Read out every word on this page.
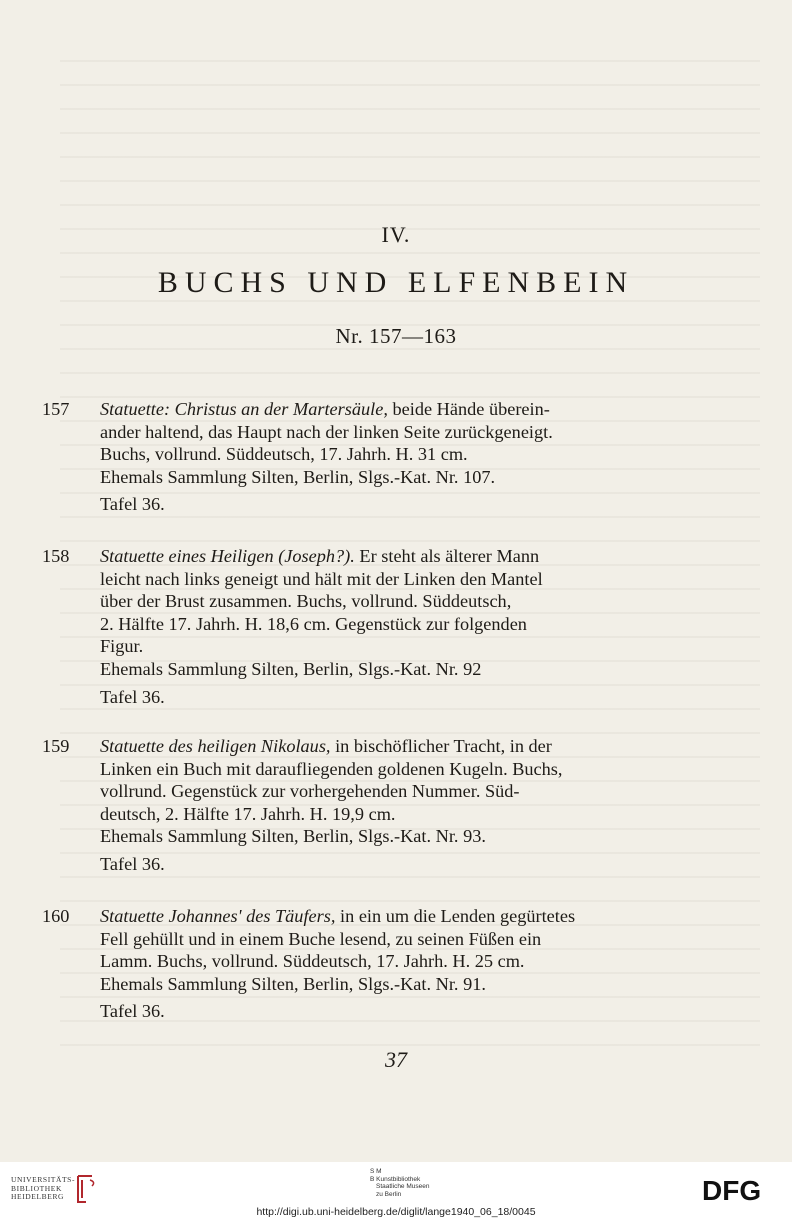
IV.
BUCHS UND ELFENBEIN
Nr. 157—163
157	Statuette: Christus an der Martersäule, beide Hände überein-
ander haltend, das Haupt nach der linken Seite zurückgeneigt.
Buchs, vollrund. Süddeutsch, 17. Jahrh. H. 31 cm.
Ehemals Sammlung Silten, Berlin, Slgs.-Kat. Nr. 107.
Tafel 36.
158	Statuette eines Heiligen (Joseph?). Er steht als älterer Mann
leicht nach links geneigt und hält mit der Linken den Mantel
über der Brust zusammen. Buchs, vollrund. Süddeutsch,
2. Hälfte 17. Jahrh. H. 18,6 cm. Gegenstück zur folgenden
Figur.
Ehemals Sammlung Silten, Berlin, Slgs.-Kat. Nr. 92
Tafel 36.
159	Statuette des heiligen Nikolaus, in bischöflicher Tracht, in der
Linken ein Buch mit daraufliegenden goldenen Kugeln. Buchs,
vollrund. Gegenstück zur vorhergehenden Nummer. Süd-
deutsch, 2. Hälfte 17. Jahrh. H. 19,9 cm.
Ehemals Sammlung Silten, Berlin, Slgs.-Kat. Nr. 93.
Tafel 36.
160	Statuette Johannes' des Täufers, in ein um die Lenden gegürtetes
Fell gehüllt und in einem Buche lesend, zu seinen Füßen ein
Lamm. Buchs, vollrund. Süddeutsch, 17. Jahrh. H. 25 cm.
Ehemals Sammlung Silten, Berlin, Slgs.-Kat. Nr. 91.
Tafel 36.
37
UNIVERSITÄTS-
BIBLIOTHEK
HEIDELBERG
S M
B Kunstbibliothek
Staatliche Museen
zu Berlin	DFG
http://digi.ub.uni-heidelberg.de/diglit/lange1940_06_18/0045
